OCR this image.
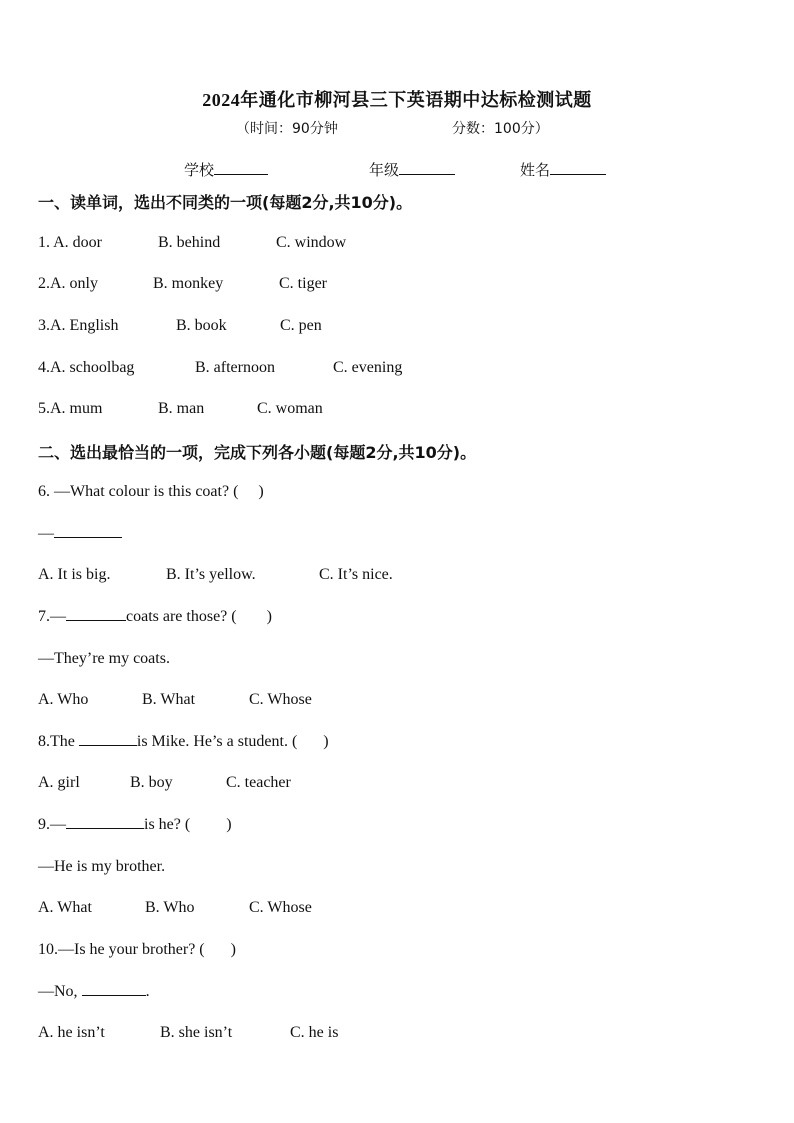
2024年通化市柳河县三下英语期中达标检测试题
（时间：90分钟	分数：100分）
学校	年级	姓名
一、读单词，选出不同类的一项(每题2分,共10分)。
1. A. door	B. behind	C. window
2.A. only	B. monkey	C. tiger
3.A. English	B. book	C. pen
4.A. schoolbag	B. afternoon	C. evening
5.A. mum	B. man	C. woman
二、选出最恰当的一项，完成下列各小题(每题2分,共10分)。
6. —What colour is this coat? ( )
—
A. It is big.	B. It’s yellow.	C. It’s nice.
7.—	coats are those? ( )
—They’re my coats.
A. Who	B. What	C. Whose
8.The	is Mike. He’s a student. ( )
A. girl	B. boy	C. teacher
9.—	is he? ( )
—He is my brother.
A. What	B. Who	C. Whose
10.—Is he your brother? ( )
—No,	.
A. he isn’t	B. she isn’t	C. he is
